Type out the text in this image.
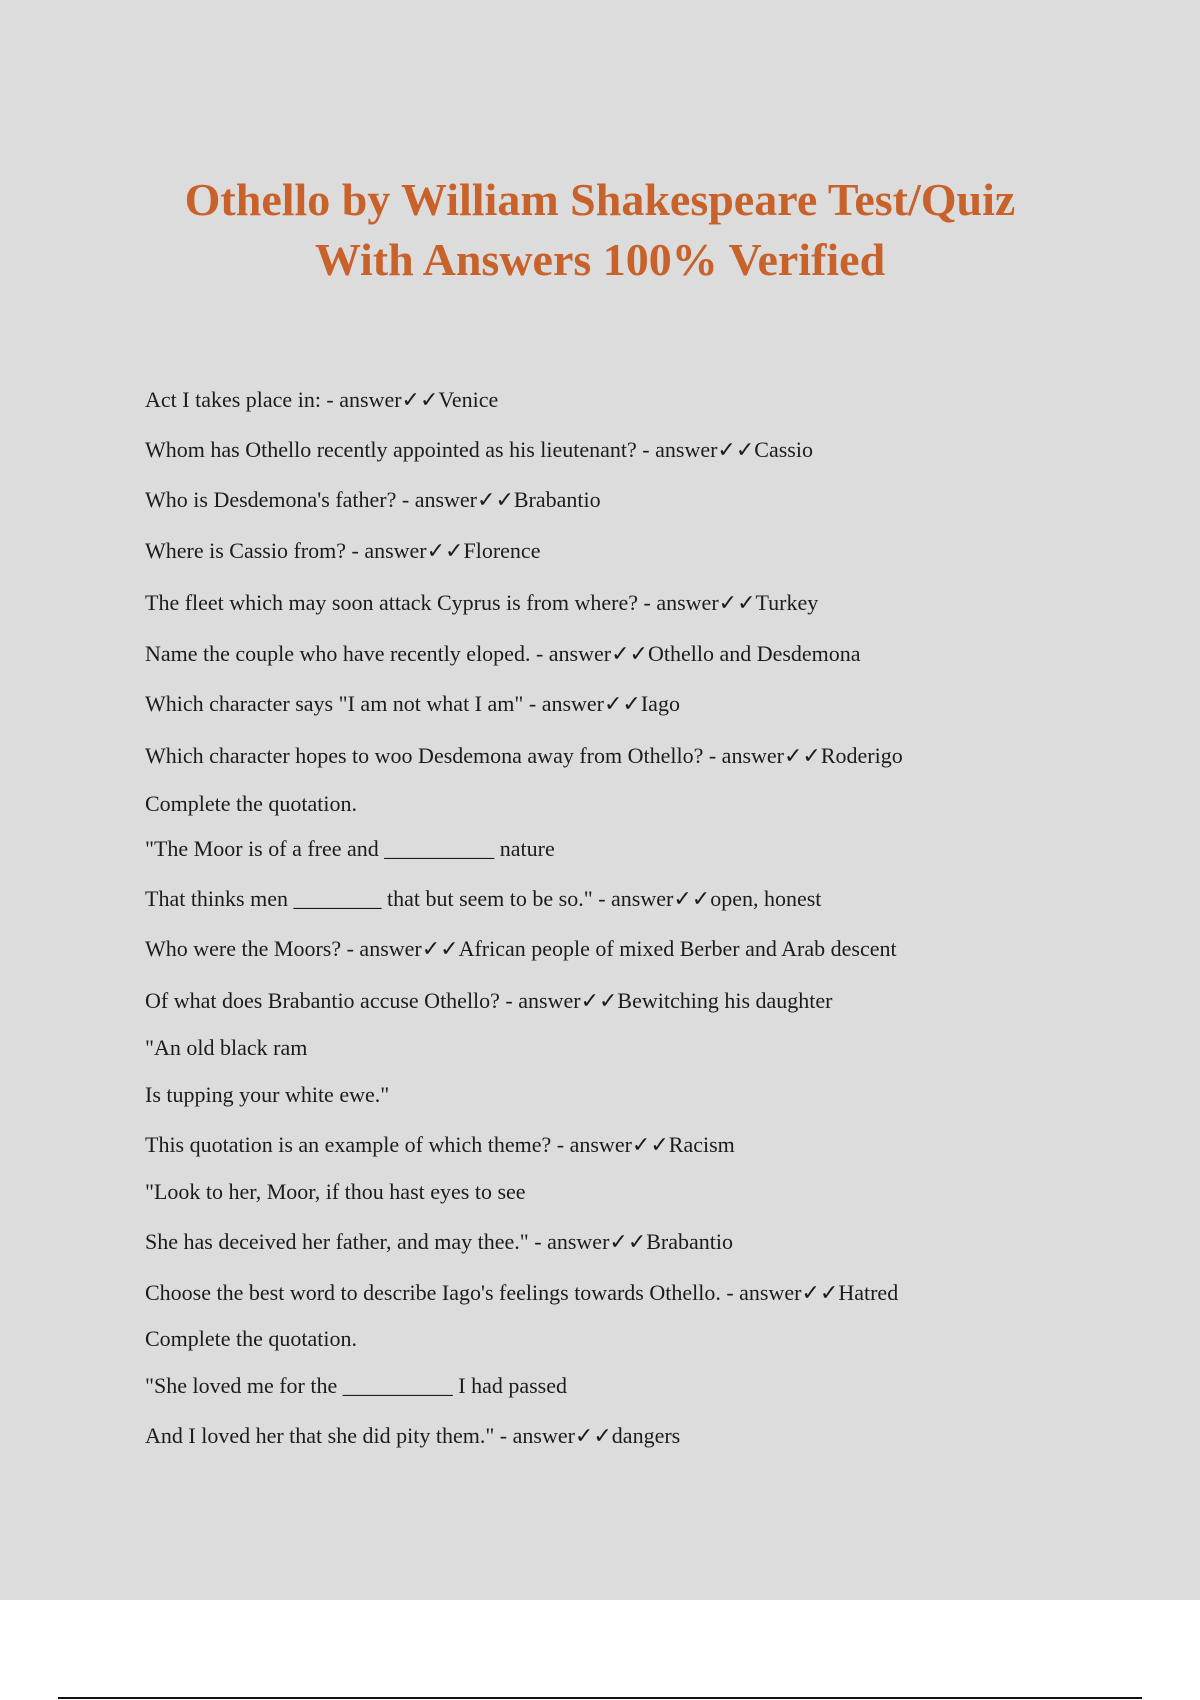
Othello by William Shakespeare Test/Quiz
With Answers 100% Verified
Act I takes place in: - answer✓✓Venice
Whom has Othello recently appointed as his lieutenant? - answer✓✓Cassio
Who is Desdemona's father? - answer✓✓Brabantio
Where is Cassio from? - answer✓✓Florence
The fleet which may soon attack Cyprus is from where? - answer✓✓Turkey
Name the couple who have recently eloped. - answer✓✓Othello and Desdemona
Which character says "I am not what I am" - answer✓✓Iago
Which character hopes to woo Desdemona away from Othello? - answer✓✓Roderigo
Complete the quotation.
"The Moor is of a free and __________ nature
That thinks men ________ that but seem to be so." - answer✓✓open, honest
Who were the Moors? - answer✓✓African people of mixed Berber and Arab descent
Of what does Brabantio accuse Othello? - answer✓✓Bewitching his daughter
"An old black ram
Is tupping your white ewe."
This quotation is an example of which theme? - answer✓✓Racism
"Look to her, Moor, if thou hast eyes to see
She has deceived her father, and may thee." - answer✓✓Brabantio
Choose the best word to describe Iago's feelings towards Othello. - answer✓✓Hatred
Complete the quotation.
"She loved me for the __________ I had passed
And I loved her that she did pity them." - answer✓✓dangers
